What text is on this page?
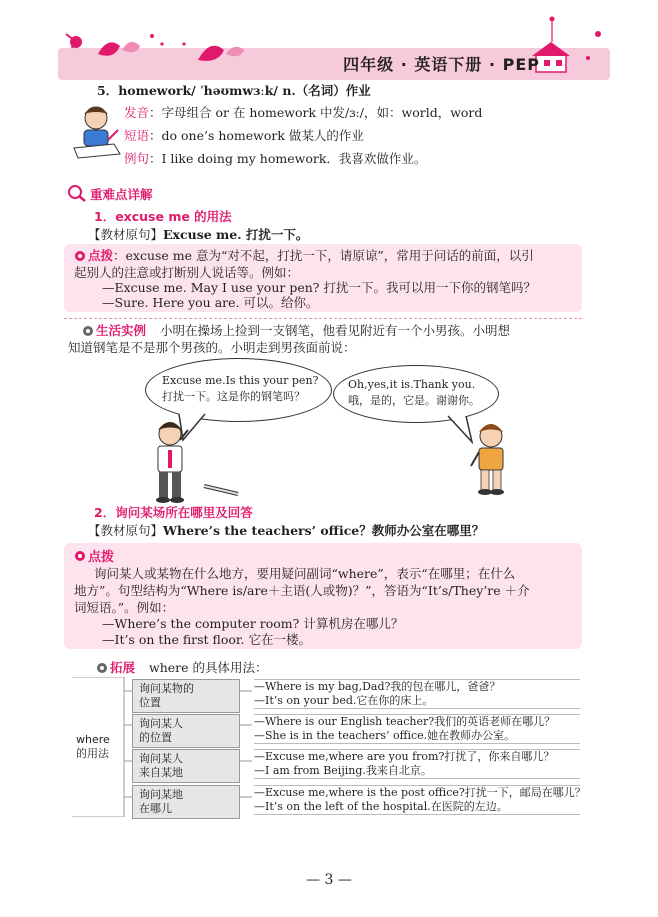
四年级 · 英语下册 · PEP
5．homework/ ˈhəʊmwɜːk/ n.（名词）作业
发音：字母组合 or 在 homework 中发/ɜː/，如：world，word
短语：do one’s homework 做某人的作业
例句：I like doing my homework．我喜欢做作业。
重难点详解
1．excuse me 的用法
【教材原句】Excuse me. 打扰一下。
点拨：excuse me 意为“对不起，打扰一下，请原谅”，常用于问话的前面，以引
起别人的注意或打断别人说话等。例如：
—Excuse me. May I use your pen? 打扰一下。我可以用一下你的钢笔吗？
—Sure. Here you are. 可以。给你。
生活实例 小明在操场上捡到一支钢笔，他看见附近有一个小男孩。小明想
知道钢笔是不是那个男孩的。小明走到男孩面前说：
Excuse me.Is this your pen?
打扰一下。这是你的钢笔吗？
Oh,yes,it is.Thank you.
哦，是的，它是。谢谢你。
2．询问某场所在哪里及回答
【教材原句】Where’s the teachers’ office？教师办公室在哪里？
点拨
询问某人或某物在什么地方，要用疑问副词“where”，表示“在哪里；在什么
地方”。句型结构为“Where is/are＋主语(人或物)？”，答语为“It’s/They’re ＋介
词短语。”。例如：
—Where’s the computer room? 计算机房在哪儿？
—It’s on the first floor. 它在一楼。
拓展 where 的具体用法：
where
的用法
询问某物的
位置
—Where is my bag,Dad?我的包在哪儿，爸爸？
—It’s on your bed.它在你的床上。
询问某人
的位置
—Where is our English teacher?我们的英语老师在哪儿？
—She is in the teachers’ office.她在教师办公室。
询问某人
来自某地
—Excuse me,where are you from?打扰了，你来自哪儿？
—I am from Beijing.我来自北京。
询问某地
在哪儿
—Excuse me,where is the post office?打扰一下，邮局在哪儿？
—It’s on the left of the hospital.在医院的左边。
— 3 —
